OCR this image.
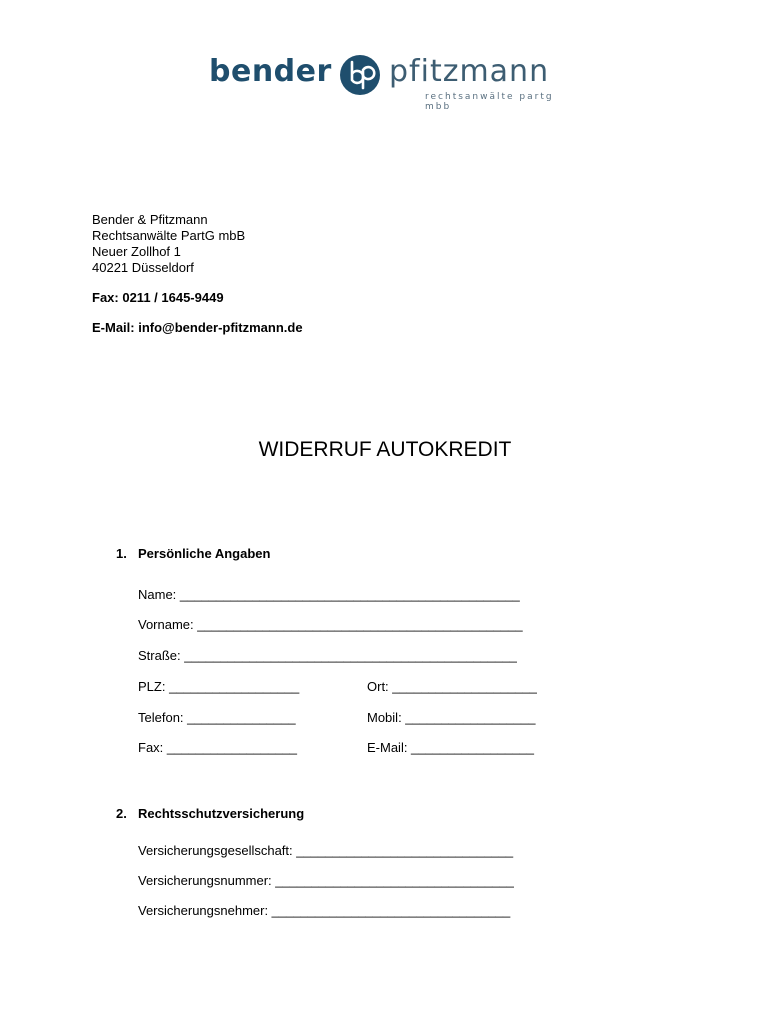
bender pfitzmann
rechtsanwälte partg mbb
Bender & Pfitzmann
Rechtsanwälte PartG mbB
Neuer Zollhof 1
40221 Düsseldorf
Fax: 0211 / 1645-9449
E-Mail: info@bender-pfitzmann.de
WIDERRUF AUTOKREDIT
1. Persönliche Angaben
Name: _______________________________________________
Vorname: _____________________________________________
Straße: ______________________________________________
PLZ: __________________	Ort: ____________________
Telefon: _______________	Mobil: __________________
Fax: __________________	E-Mail: _________________
2. Rechtsschutzversicherung
Versicherungsgesellschaft: ______________________________
Versicherungsnummer: _________________________________
Versicherungsnehmer: _________________________________
